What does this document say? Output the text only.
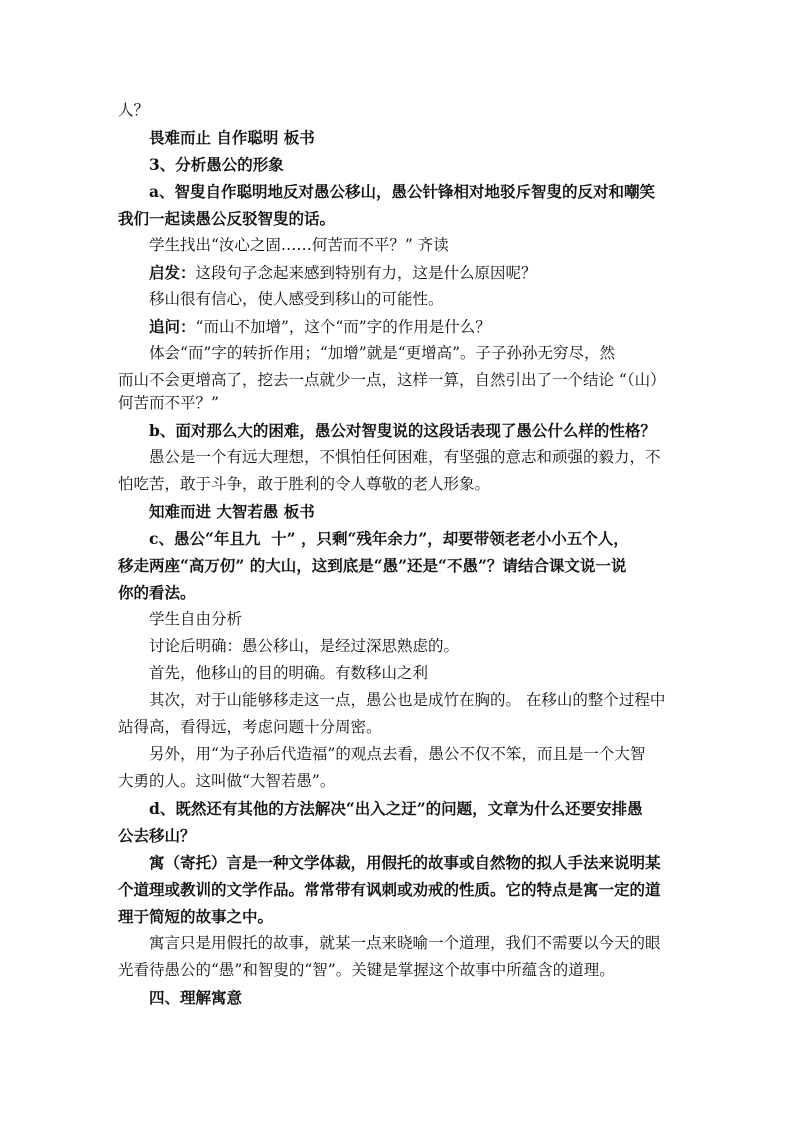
人？
畏难而止 自作聪明 板书
3、分析愚公的形象
a、智叟自作聪明地反对愚公移山，愚公针锋相对地驳斥智叟的反对和嘲笑
我们一起读愚公反驳智叟的话。
学生找出“汝心之固……何苦而不平？” 齐读
启发：这段句子念起来感到特别有力，这是什么原因呢？
移山很有信心，使人感受到移山的可能性。
追问：“而山不加增”，这个“而”字的作用是什么？
体会“而”字的转折作用；“加增”就是“更增高”。子子孙孙无穷尽，然
而山不会更增高了，挖去一点就少一点，这样一算，自然引出了一个结论 “（山）
何苦而不平？”
b、面对那么大的困难，愚公对智叟说的这段话表现了愚公什么样的性格？
愚公是一个有远大理想，不惧怕任何困难，有坚强的意志和顽强的毅力，不
怕吃苦，敢于斗争，敢于胜利的令人尊敬的老人形象。
知难而进 大智若愚 板书
c、愚公“年且九  十” ，只剩“残年余力”，却要带领老老小小五个人，
移走两座“高万仞” 的大山，这到底是“愚”还是“不愚”？请结合课文说一说
你的看法。
学生自由分析
讨论后明确：愚公移山，是经过深思熟虑的。
首先，他移山的目的明确。有数移山之利
其次，对于山能够移走这一点，愚公也是成竹在胸的。 在移山的整个过程中
站得高，看得远，考虑问题十分周密。
另外，用“为子孙后代造福”的观点去看，愚公不仅不笨，而且是一个大智
大勇的人。这叫做“大智若愚”。
d、既然还有其他的方法解决“出入之迂”的问题，文章为什么还要安排愚
公去移山？
寓（寄托）言是一种文学体裁，用假托的故事或自然物的拟人手法来说明某
个道理或教训的文学作品。常常带有讽刺或劝戒的性质。它的特点是寓一定的道
理于简短的故事之中。
寓言只是用假托的故事，就某一点来晓喻一个道理，我们不需要以今天的眼
光看待愚公的“愚”和智叟的“智”。关键是掌握这个故事中所蕴含的道理。
四、理解寓意
